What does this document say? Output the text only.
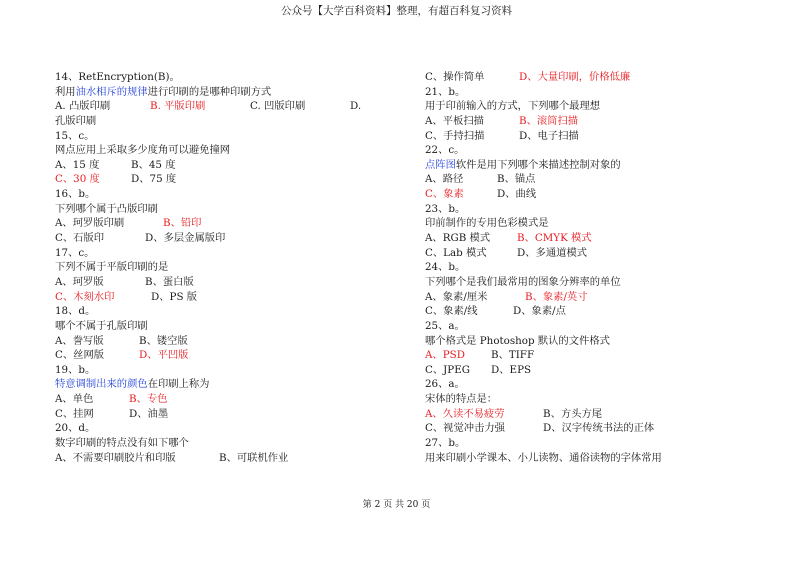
公众号【大学百科资料】整理，有超百科复习资料
14、RetEncryption(B)。
利用油水相斥的规律进行印刷的是哪种印刷方式
A. 凸版印刷　　B. 平版印刷	C. 凹版印刷	D.
孔版印刷
15、c。
网点应用上采取多少度角可以避免撞网
A、15 度	B、45 度
C、30 度	D、75 度
16、b。
下列哪个属于凸版印刷
A、珂罗版印刷	B、铅印
C、石版印	D、多层金属版印
17、c。
下列不属于平版印刷的是
A、珂罗版	B、蛋白版
C、木刻水印	D、PS 版
18、d。
哪个不属于孔版印刷
A、誊写版	B、镂空版
C、丝网版	D、平凹版
19、b。
特意调制出来的颜色在印刷上称为
A、单色	B、专色
C、挂网	D、油墨
20、d。
数字印刷的特点没有如下哪个
A、不需要印刷胶片和印版	B、可联机作业
C、操作简单	D、大量印刷，价格低廉
21、b。
用于印前输入的方式，下列哪个最理想
A、平板扫描	B、滚筒扫描
C、手持扫描	D、电子扫描
22、c。
点阵图软件是用下列哪个来描述控制对象的
A、路径	B、锚点
C、象素	D、曲线
23、b。
印前制作的专用色彩模式是
A、RGB 模式	B、CMYK 模式
C、Lab 模式	D、多通道模式
24、b。
下列哪个是我们最常用的图象分辨率的单位
A、象素/厘米	B、象素/英寸
C、象素/线	D、象素/点
25、a。
哪个格式是 Photoshop 默认的文件格式
A、PSD	B、TIFF
C、JPEG D、EPS
26、a。
宋体的特点是：
A、久读不易疲劳	B、方头方尾
C、视觉冲击力强	D、汉字传统书法的正体
27、b。
用来印刷小学课本、小儿读物、通俗读物的字体常用
第 2 页 共 20 页
